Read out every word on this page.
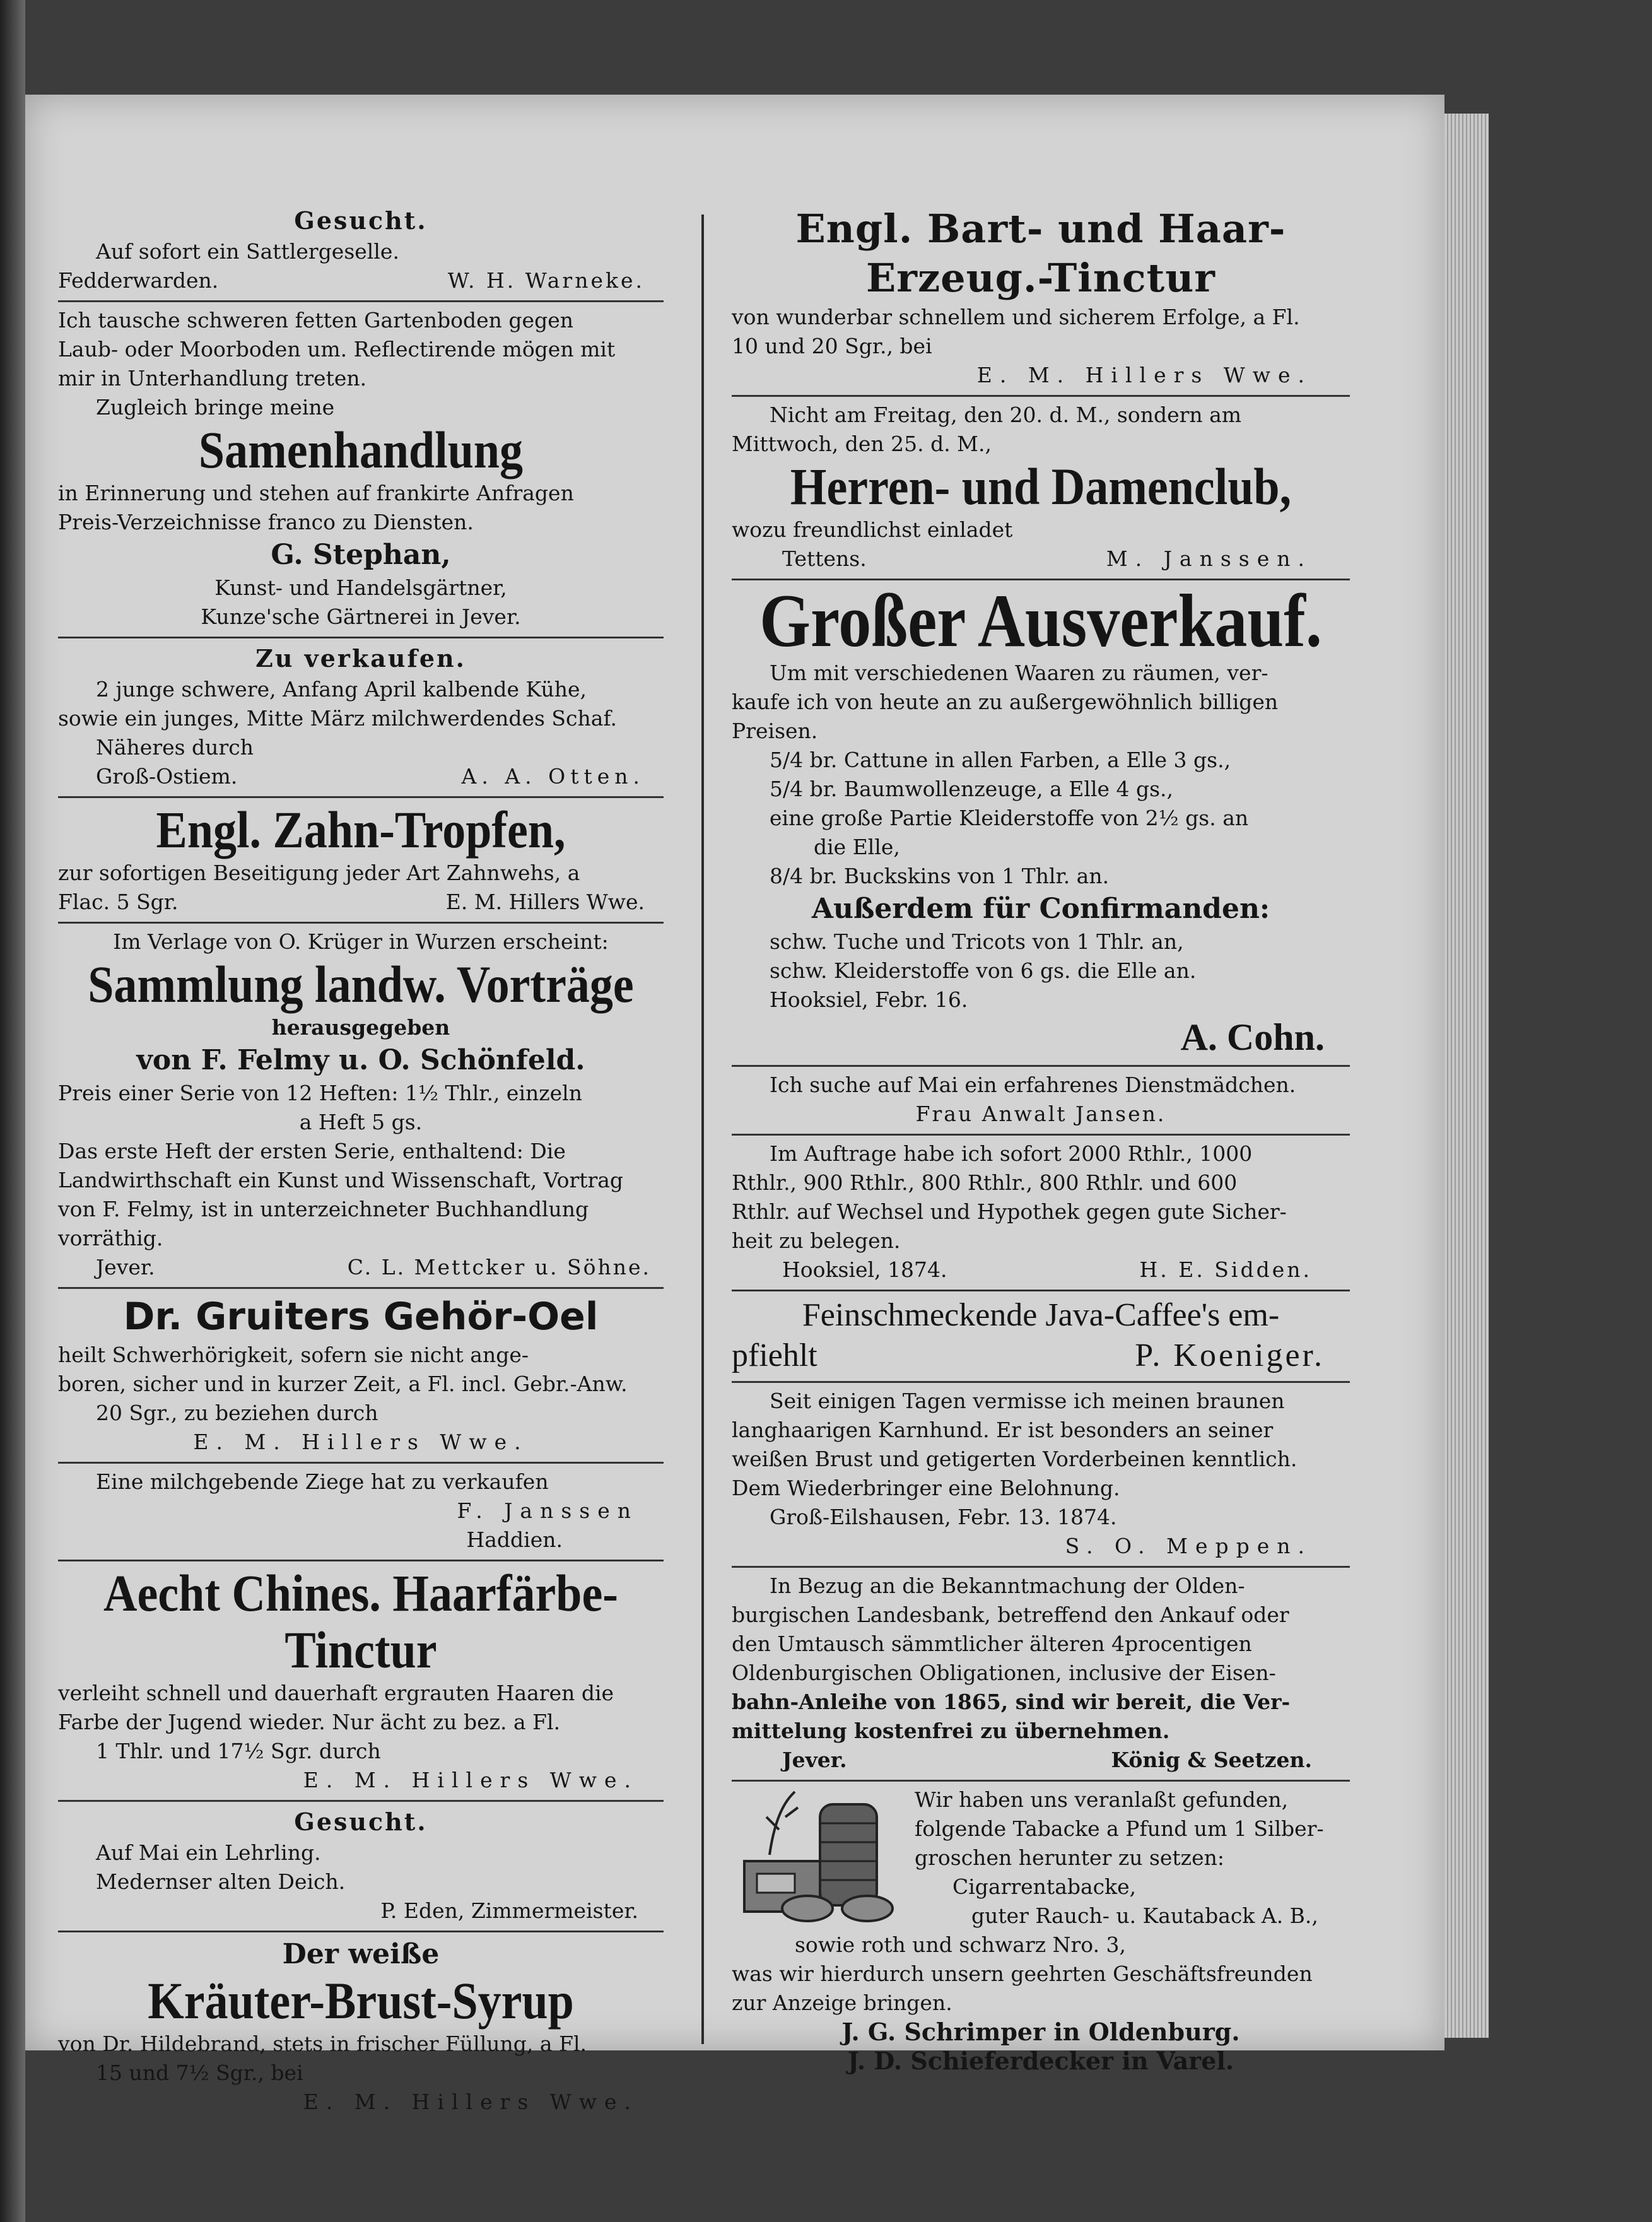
Gesucht.

Auf sofort ein Sattlergeselle.

Fedderwarden.	W. H. Warneke.

Ich tausche schweren fetten Gartenboden gegen

Laub- oder Moorboden um. Reflectirende mögen mit

mir in Unterhandlung treten.

Zugleich bringe meine

Samenhandlung

in Erinnerung und stehen auf frankirte Anfragen

Preis-Verzeichnisse franco zu Diensten.

G. Stephan,

Kunst- und Handelsgärtner,

Kunze'sche Gärtnerei in Jever.

Zu verkaufen.

2 junge schwere, Anfang April kalbende Kühe,

sowie ein junges, Mitte März milchwerdendes Schaf.

Näheres durch

Groß-Ostiem.	A. A. Otten.

Engl. Zahn-Tropfen,

zur sofortigen Beseitigung jeder Art Zahnwehs, a

Flac. 5 Sgr.	E. M. Hillers Wwe.

Im Verlage von O. Krüger in Wurzen erscheint:

Sammlung landw. Vorträge

herausgegeben

von F. Felmy u. O. Schönfeld.

Preis einer Serie von 12 Heften: 1½ Thlr., einzeln

a Heft 5 gs.

Das erste Heft der ersten Serie, enthaltend: Die

Landwirthschaft ein Kunst und Wissenschaft, Vortrag

von F. Felmy, ist in unterzeichneter Buchhandlung

vorräthig.

Jever.	C. L. Mettcker u. Söhne.

Dr. Gruiters Gehör-Oel

heilt Schwerhörigkeit, sofern sie nicht ange-

boren, sicher und in kurzer Zeit, a Fl. incl. Gebr.-Anw.

20 Sgr., zu beziehen durch

E. M. Hillers Wwe.

Eine milchgebende Ziege hat zu verkaufen

F. Janssen

Haddien.

Aecht Chines. Haarfärbe-

Tinctur

verleiht schnell und dauerhaft ergrauten Haaren die

Farbe der Jugend wieder. Nur ächt zu bez. a Fl.

1 Thlr. und 17½ Sgr. durch

E. M. Hillers Wwe.

Gesucht.

Auf Mai ein Lehrling.

Medernser alten Deich.

P. Eden, Zimmermeister.

Der weiße

Kräuter-Brust-Syrup

von Dr. Hildebrand, stets in frischer Füllung, a Fl.

15 und 7½ Sgr., bei

E. M. Hillers Wwe.

Engl. Bart- und Haar-

Erzeug.-Tinctur

von wunderbar schnellem und sicherem Erfolge, a Fl.

10 und 20 Sgr., bei

E. M. Hillers Wwe.

Nicht am Freitag, den 20. d. M., sondern am

Mittwoch, den 25. d. M.,

Herren- und Damenclub,

wozu freundlichst einladet

Tettens.	M. Janssen.

Großer Ausverkauf.

Um mit verschiedenen Waaren zu räumen, ver-

kaufe ich von heute an zu außergewöhnlich billigen

Preisen.

5/4 br. Cattune in allen Farben, a Elle 3 gs.,

5/4 br. Baumwollenzeuge, a Elle 4 gs.,

eine große Partie Kleiderstoffe von 2½ gs. an

die Elle,

8/4 br. Buckskins von 1 Thlr. an.

Außerdem für Confirmanden:

schw. Tuche und Tricots von 1 Thlr. an,

schw. Kleiderstoffe von 6 gs. die Elle an.

Hooksiel, Febr. 16.

A. Cohn.

Ich suche auf Mai ein erfahrenes Dienstmädchen.

Frau Anwalt Jansen.

Im Auftrage habe ich sofort 2000 Rthlr., 1000

Rthlr., 900 Rthlr., 800 Rthlr., 800 Rthlr. und 600

Rthlr. auf Wechsel und Hypothek gegen gute Sicher-

heit zu belegen.

Hooksiel, 1874.	H. E. Sidden.

Feinschmeckende Java-Caffee's em-

pfiehlt	P. Koeniger.

Seit einigen Tagen vermisse ich meinen braunen

langhaarigen Karnhund. Er ist besonders an seiner

weißen Brust und getigerten Vorderbeinen kenntlich.

Dem Wiederbringer eine Belohnung.

Groß-Eilshausen, Febr. 13. 1874.

S. O. Meppen.

In Bezug an die Bekanntmachung der Olden-

burgischen Landesbank, betreffend den Ankauf oder

den Umtausch sämmtlicher älteren 4procentigen

Oldenburgischen Obligationen, inclusive der Eisen-

bahn-Anleihe von 1865, sind wir bereit, die Ver-

mittelung kostenfrei zu übernehmen.

Jever.	König & Seetzen.

Wir haben uns veranlaßt gefunden,

folgende Tabacke a Pfund um 1 Silber-

groschen herunter zu setzen:

Cigarrentabacke,

guter Rauch- u. Kautaback A. B.,

sowie roth und schwarz Nro. 3,

was wir hierdurch unsern geehrten Geschäftsfreunden

zur Anzeige bringen.

J. G. Schrimper in Oldenburg.

J. D. Schieferdecker in Varel.
